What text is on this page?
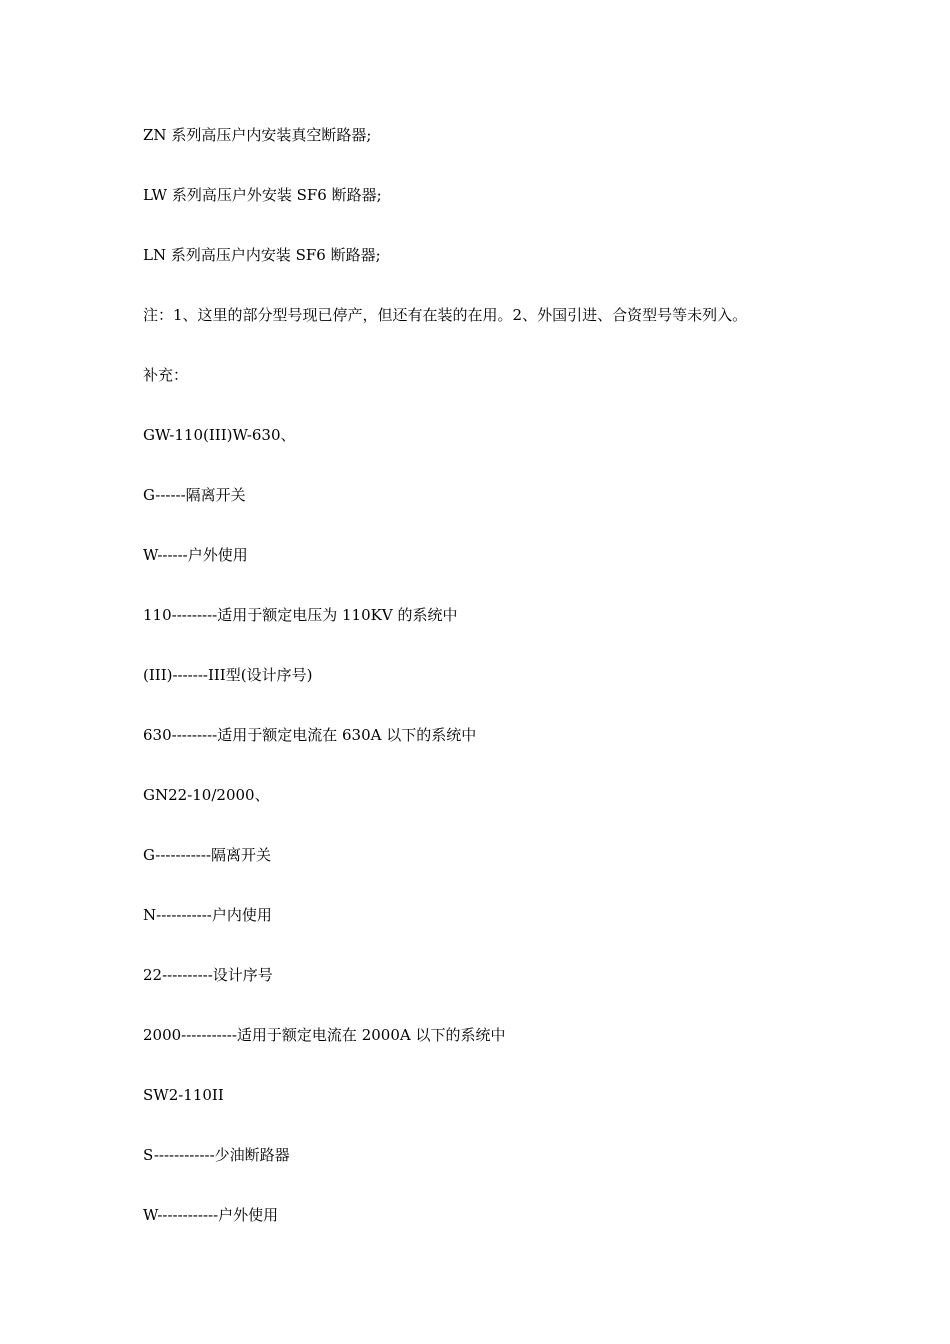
ZN 系列高压户内安装真空断路器;
LW 系列高压户外安装 SF6 断路器;
LN 系列高压户内安装 SF6 断路器;
注：1、这里的部分型号现已停产，但还有在装的在用。2、外国引进、合资型号等未列入。
补充：
GW-110(III)W-630、
G------隔离开关
W------户外使用
110---------适用于额定电压为 110KV 的系统中
(III)-------III型(设计序号)
630---------适用于额定电流在 630A 以下的系统中
GN22-10/2000、
G-----------隔离开关
N-----------户内使用
22----------设计序号
2000-----------适用于额定电流在 2000A 以下的系统中
SW2-110II
S------------少油断路器
W------------户外使用
